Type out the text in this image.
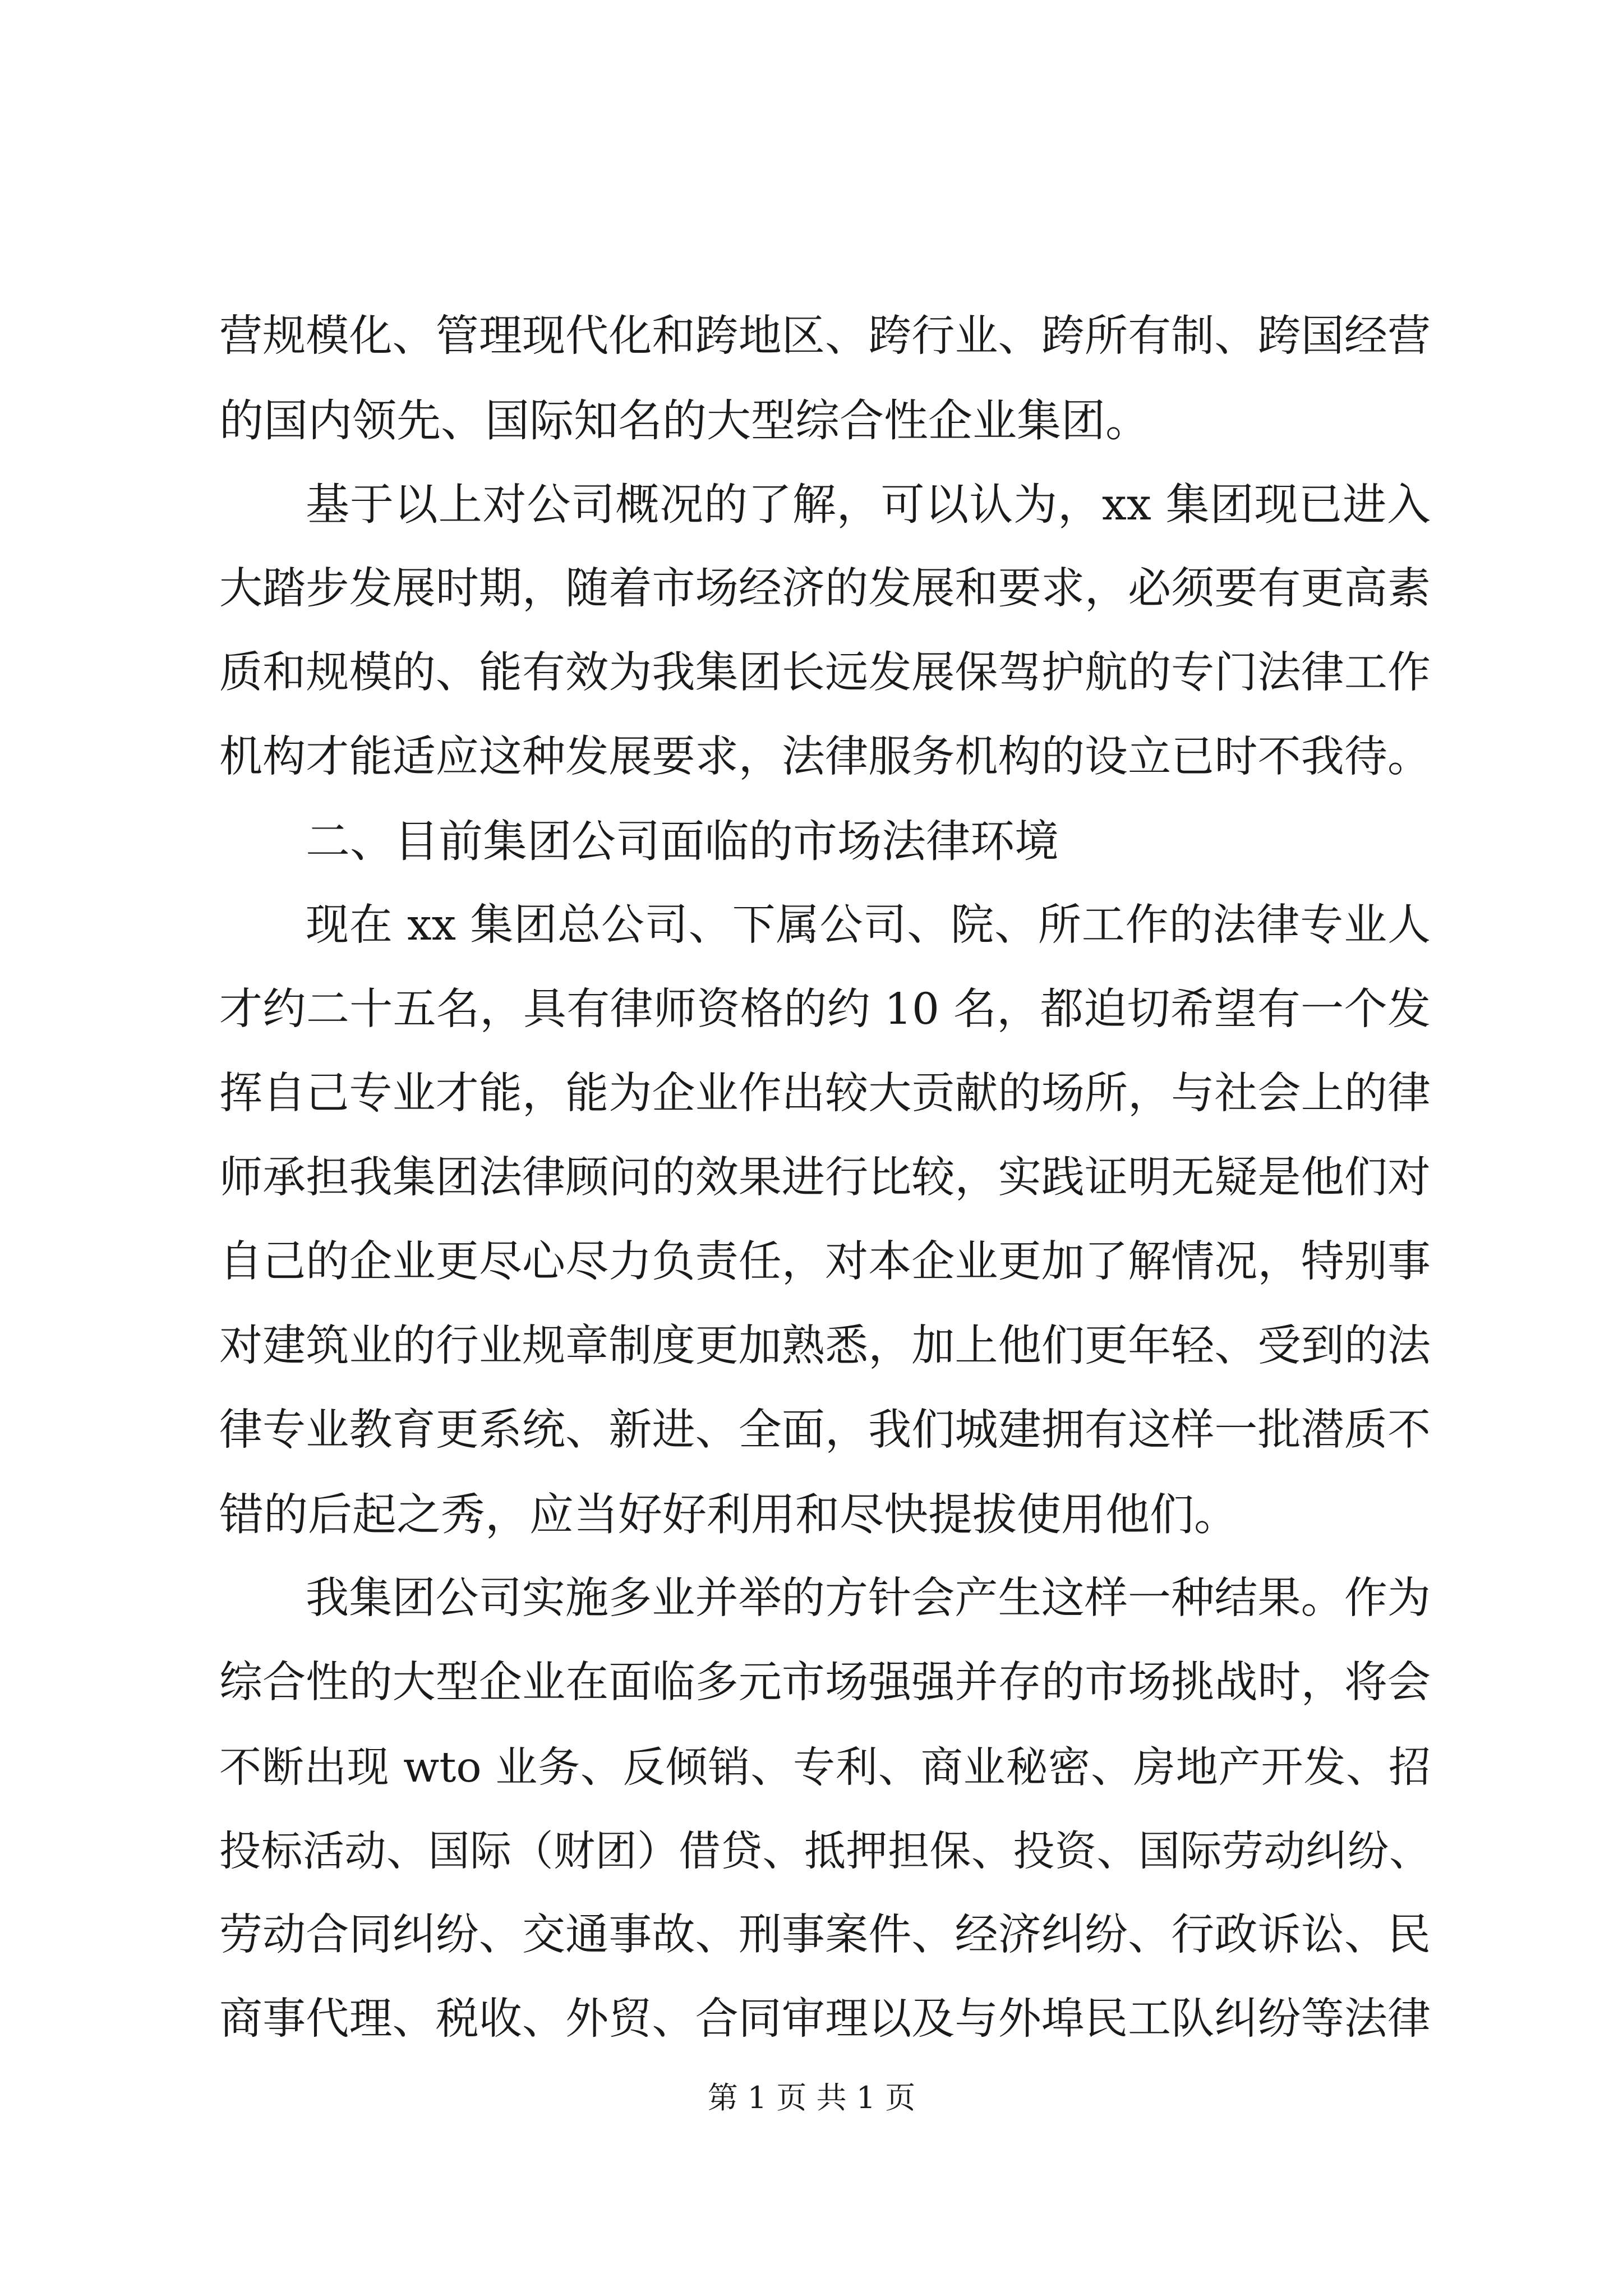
营规模化、管理现代化和跨地区、跨行业、跨所有制、跨国经营
的国内领先、国际知名的大型综合性企业集团。
基于以上对公司概况的了解，可以认为，xx 集团现已进入
大踏步发展时期，随着市场经济的发展和要求，必须要有更高素
质和规模的、能有效为我集团长远发展保驾护航的专门法律工作
机构才能适应这种发展要求，法律服务机构的设立已时不我待。
二、目前集团公司面临的市场法律环境
现在 xx 集团总公司、下属公司、院、所工作的法律专业人
才约二十五名，具有律师资格的约 10 名，都迫切希望有一个发
挥自己专业才能，能为企业作出较大贡献的场所，与社会上的律
师承担我集团法律顾问的效果进行比较，实践证明无疑是他们对
自己的企业更尽心尽力负责任，对本企业更加了解情况，特别事
对建筑业的行业规章制度更加熟悉，加上他们更年轻、受到的法
律专业教育更系统、新进、全面，我们城建拥有这样一批潜质不
错的后起之秀，应当好好利用和尽快提拔使用他们。
我集团公司实施多业并举的方针会产生这样一种结果。作为
综合性的大型企业在面临多元市场强强并存的市场挑战时，将会
不断出现 wto 业务、反倾销、专利、商业秘密、房地产开发、招
投标活动、国际（财团）借贷、抵押担保、投资、国际劳动纠纷、
劳动合同纠纷、交通事故、刑事案件、经济纠纷、行政诉讼、民
商事代理、税收、外贸、合同审理以及与外埠民工队纠纷等法律
第 1 页 共 1 页
